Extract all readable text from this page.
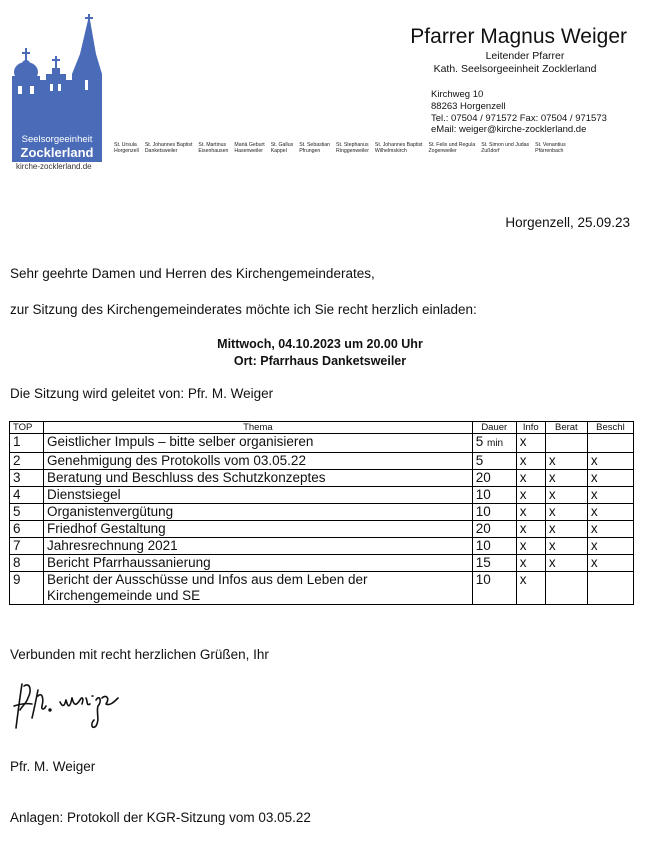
Seelsorgeeinheit
Zocklerland
kirche-zocklerland.de
St. Ursula
Horgenzell
St. Johannes Baptist
Danketsweiler
St. Martinus
Eisenhausen
Mariä Geburt
Hasenweiler
St. Gallus
Kappel
St. Sebastian
Pfrungen
St. Stephanus
Ringgenweiler
St. Johannes Baptist
Wilhelmskirch
St. Felix und Regula
Zogenweiler
St. Simon und Judas
Zußdorf
St. Venantius
Pfärrenbach
Pfarrer Magnus Weiger
Leitender Pfarrer
Kath. Seelsorgeeinheit Zocklerland
Kirchweg 10
88263 Horgenzell
Tel.: 07504 / 971572 Fax: 07504 / 971573
eMail: weiger@kirche-zocklerland.de
Horgenzell, 25.09.23
Sehr geehrte Damen und Herren des Kirchengemeinderates,
zur Sitzung des Kirchengemeinderates möchte ich Sie recht herzlich einladen:
Mittwoch, 04.10.2023 um 20.00 Uhr
Ort: Pfarrhaus Danketsweiler
Die Sitzung wird geleitet von: Pfr. M. Weiger
TOP	Thema	Dauer	Info	Berat	Beschl
1	Geistlicher Impuls – bitte selber organisieren	5 min	x		
2	Genehmigung des Protokolls vom 03.05.22	5	x	x	x
3	Beratung und Beschluss des Schutzkonzeptes	20	x	x	x
4	Dienstsiegel	10	x	x	x
5	Organistenvergütung	10	x	x	x
6	Friedhof Gestaltung	20	x	x	x
7	Jahresrechnung 2021	10	x	x	x
8	Bericht Pfarrhaussanierung	15	x	x	x
9	Bericht der Ausschüsse und Infos aus dem Leben der Kirchengemeinde und SE	10	x		
Verbunden mit recht herzlichen Grüßen, Ihr
Pfr. M. Weiger
Anlagen: Protokoll der KGR-Sitzung vom 03.05.22
